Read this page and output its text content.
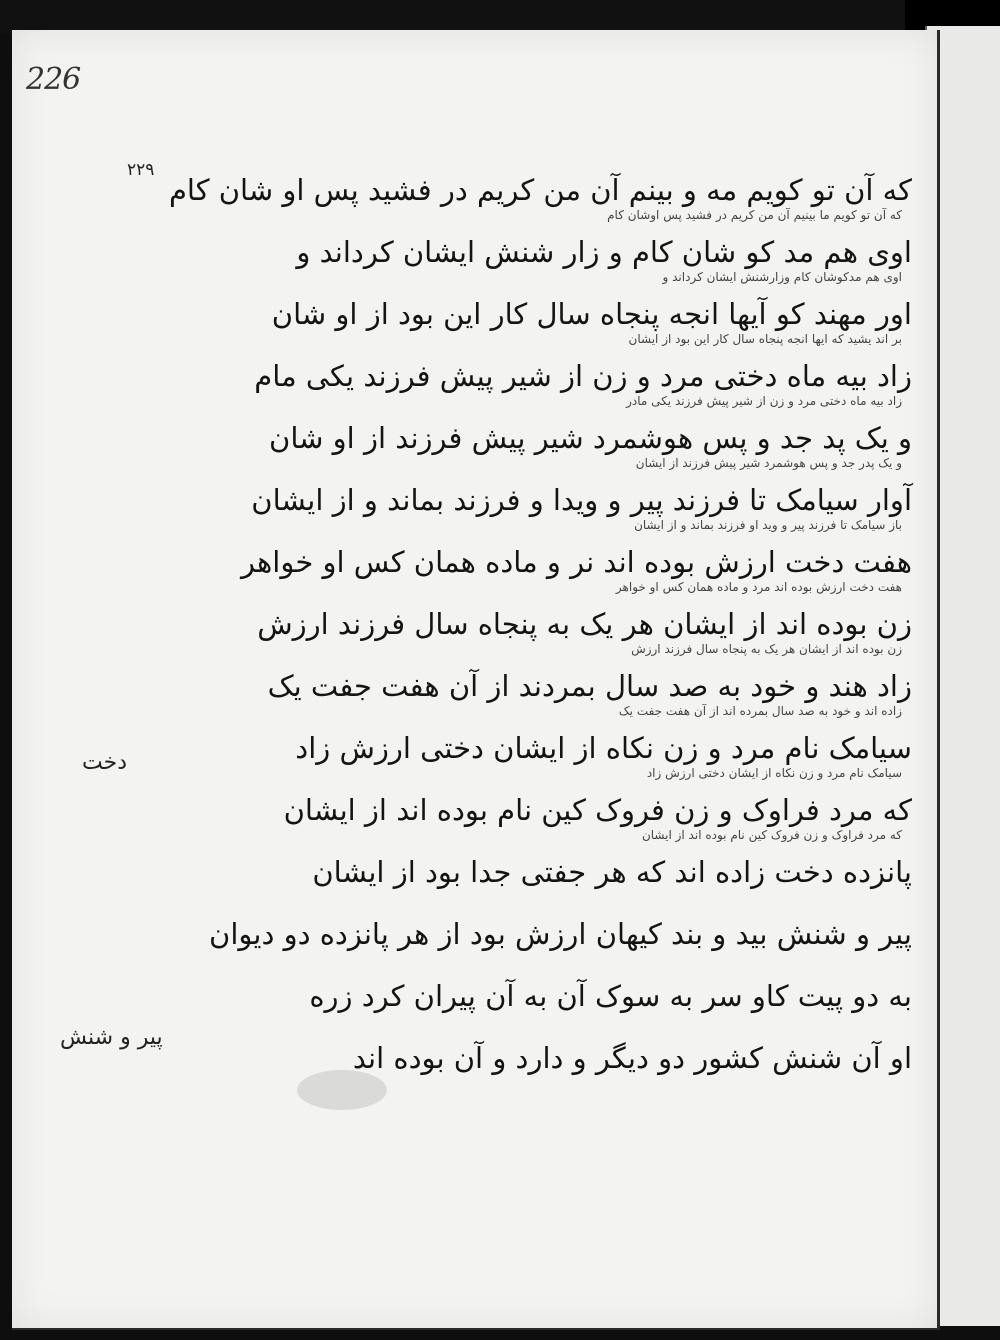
226
۲۲۹
که آن تو کویم مه و بینم آن من کریم در فشید پس او شان کام
که آن تو کویم ما بینیم آن من کریم در فشید پس اوشان کام
اوی هم مد کو شان کام و زار شنش ایشان کرداند و
اوی هم مدکوشان کام وزارشنش ایشان کرداند و
اور مهند کو آیها انجه پنجاه سال کار این بود از او شان
بر اند یشید که ایها انجه پنجاه سال کار این بود از ایشان
زاد بیه ماه دختی مرد و زن از شیر پیش فرزند یکی مام
زاد بیه ماه دختی مرد و زن از شیر پیش فرزند یکی مادر
و یک پد جد و پس هوشمرد شیر پیش فرزند از او شان
و یک پدر جد و پس هوشمرد شیر پیش فرزند از ایشان
آوار سیامک تا فرزند پیر و ویدا و فرزند بماند و از ایشان
باز سیامک تا فرزند پیر و وید او فرزند بماند و از ایشان
هفت دخت ارزش بوده اند نر و ماده همان کس او خواهر
هفت دخت ارزش بوده اند مرد و ماده همان کس او خواهر
زن بوده اند از ایشان هر یک به پنجاه سال فرزند ارزش
زن بوده اند از ایشان هر یک به پنجاه سال فرزند ارزش
زاد هند و خود به صد سال بمردند از آن هفت جفت یک
زاده اند و خود به صد سال بمرده اند از آن هفت جفت یک
سیامک نام مرد و زن نکاه از ایشان دختی ارزش زاد
سیامک نام مرد و زن نکاه از ایشان دختی ارزش زاد
که مرد فراوک و زن فروک کین نام بوده اند از ایشان
که مرد فراوک و زن فروک کین نام بوده اند از ایشان
پانزده دخت زاده اند که هر جفتی جدا بود از ایشان
پیر و شنش بید و بند کیهان ارزش بود از هر پانزده دو دیوان
به دو پیت کاو سر به سوک آن به آن پیران کرد زره
او آن شنش کشور دو دیگر و دارد و آن بوده اند
دخت
پیر و شنش
